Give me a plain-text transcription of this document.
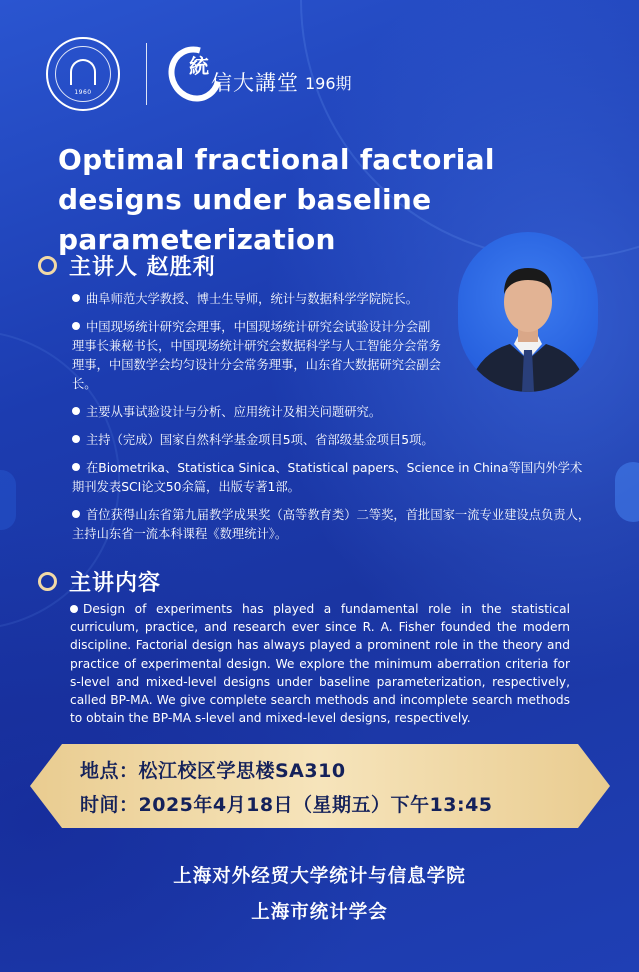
1960
統
信大講堂 196期
Optimal fractional factorial designs under baseline parameterization
主讲人 赵胜利
曲阜师范大学教授、博士生导师，统计与数据科学学院院长。
中国现场统计研究会理事，中国现场统计研究会试验设计分会副理事长兼秘书长，中国现场统计研究会数据科学与人工智能分会常务理事，中国数学会均匀设计分会常务理事，山东省大数据研究会副会长。
主要从事试验设计与分析、应用统计及相关问题研究。
主持（完成）国家自然科学基金项目5项、省部级基金项目5项。
在Biometrika、Statistica Sinica、Statistical papers、Science in China等国内外学术期刊发表SCI论文50余篇，出版专著1部。
首位获得山东省第九届教学成果奖（高等教育类）二等奖，首批国家一流专业建设点负责人，主持山东省一流本科课程《数理统计》。
主讲内容
Design of experiments has played a fundamental role in the statistical curriculum, practice, and research ever since R. A. Fisher founded the modern discipline. Factorial design has always played a prominent role in the theory and practice of experimental design. We explore the minimum aberration criteria for s-level and mixed-level designs under baseline parameterization, respectively, called BP-MA. We give complete search methods and incomplete search methods to obtain the BP-MA s-level and mixed-level designs, respectively.
地点：松江校区学思楼SA310
时间：2025年4月18日（星期五）下午13:45
上海对外经贸大学统计与信息学院
上海市统计学会
